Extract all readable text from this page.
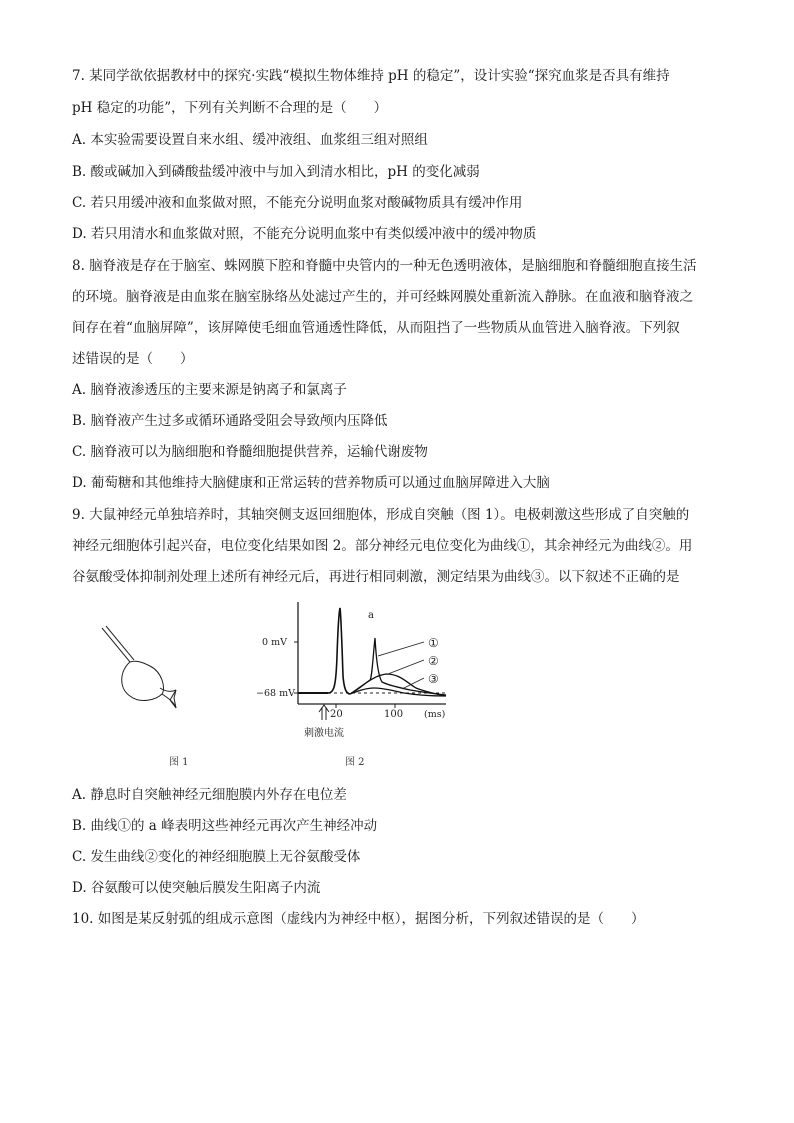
7. 某同学欲依据教材中的探究·实践“模拟生物体维持 pH 的稳定”，设计实验“探究血浆是否具有维持
pH 稳定的功能”，下列有关判断不合理的是（　　）
A. 本实验需要设置自来水组、缓冲液组、血浆组三组对照组
B. 酸或碱加入到磷酸盐缓冲液中与加入到清水相比，pH 的变化减弱
C. 若只用缓冲液和血浆做对照，不能充分说明血浆对酸碱物质具有缓冲作用
D. 若只用清水和血浆做对照，不能充分说明血浆中有类似缓冲液中的缓冲物质
8. 脑脊液是存在于脑室、蛛网膜下腔和脊髓中央管内的一种无色透明液体，是脑细胞和脊髓细胞直接生活
的环境。脑脊液是由血浆在脑室脉络丛处滤过产生的，并可经蛛网膜处重新流入静脉。在血液和脑脊液之
间存在着“血脑屏障”，该屏障使毛细血管通透性降低，从而阻挡了一些物质从血管进入脑脊液。下列叙
述错误的是（　　）
A. 脑脊液渗透压的主要来源是钠离子和氯离子
B. 脑脊液产生过多或循环通路受阻会导致颅内压降低
C. 脑脊液可以为脑细胞和脊髓细胞提供营养，运输代谢废物
D. 葡萄糖和其他维持大脑健康和正常运转的营养物质可以通过血脑屏障进入大脑
9. 大鼠神经元单独培养时，其轴突侧支返回细胞体，形成自突触（图 1）。电极刺激这些形成了自突触的
神经元细胞体引起兴奋，电位变化结果如图 2。部分神经元电位变化为曲线①，其余神经元为曲线②。用
谷氨酸受体抑制剂处理上述所有神经元后，再进行相同刺激，测定结果为曲线③。以下叙述不正确的是
图 1
a
①
②
③
0 mV
−68 mV
20	100 (ms)
刺激电流
图 2
A. 静息时自突触神经元细胞膜内外存在电位差
B. 曲线①的 a 峰表明这些神经元再次产生神经冲动
C. 发生曲线②变化的神经细胞膜上无谷氨酸受体
D. 谷氨酸可以使突触后膜发生阳离子内流
10. 如图是某反射弧的组成示意图（虚线内为神经中枢），据图分析，下列叙述错误的是（　　）
